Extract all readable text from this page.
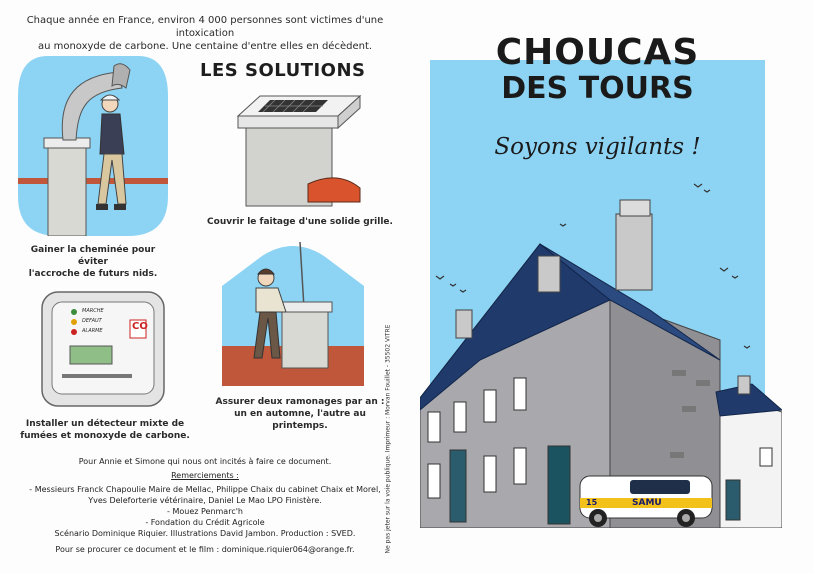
Chaque année en France, environ 4 000 personnes sont victimes d'une intoxication
au monoxyde de carbone. Une centaine d'entre elles en décèdent.
LES SOLUTIONS
Gainer la cheminée pour éviter
l'accroche de futurs nids.
Couvrir le faitage d'une solide grille.
MARCHE
DEFAUT
ALARME	CO
Installer un détecteur mixte de
fumées et monoxyde de carbone.
Assurer deux ramonages par an :
un en automne, l'autre au printemps.
Pour Annie et Simone qui nous ont incités à faire ce document.
Remerciements :
- Messieurs Franck Chapoulie Maire de Mellac, Philippe Chaix du cabinet Chaix et Morel,
Yves Deleforterie vétérinaire, Daniel Le Mao LPO Finistère.
- Mouez Penmarc'h
- Fondation du Crédit Agricole
Scénario Dominique Riquier. Illustrations David Jambon. Production : SVED.
Pour se procurer ce document et le film : dominique.riquier064@orange.fr.	Ne pas jeter sur la voie publique. Imprimeur : Morvan Fouillet - 35502 VITRE
CHOUCAS
DES TOURS
Soyons vigilants !
SAMU
15
